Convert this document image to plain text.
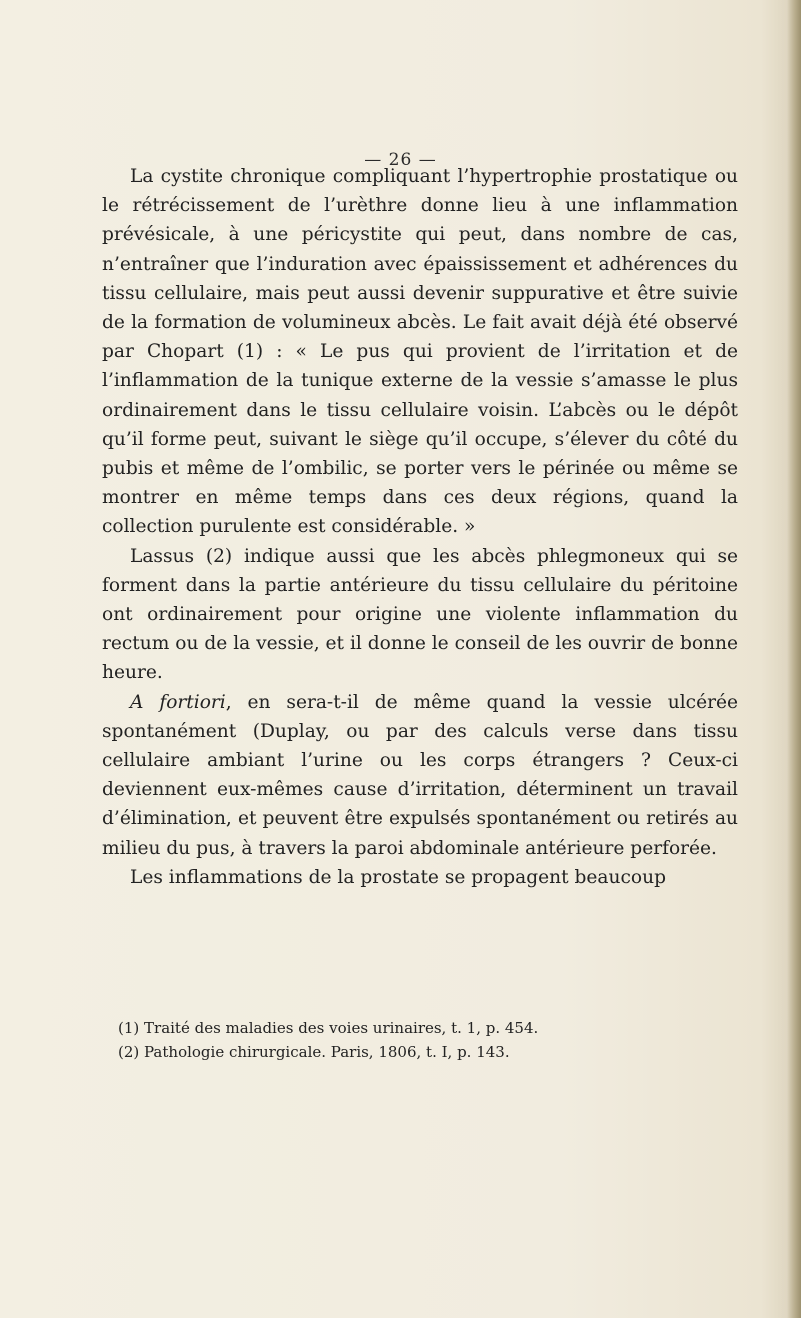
— 26 —

La cystite chronique compliquant l’hypertrophie prostatique ou le rétrécissement de l’urèthre donne lieu à une inflammation prévésicale, à une péricystite qui peut, dans nombre de cas, n’entraîner que l’induration avec épaississement et adhérences du tissu cellulaire, mais peut aussi devenir suppurative et être suivie de la formation de volumineux abcès. Le fait avait déjà été observé par Chopart (1) : « Le pus qui provient de l’irritation et de l’inflammation de la tunique externe de la vessie s’amasse le plus ordinairement dans le tissu cellulaire voisin. L’abcès ou le dépôt qu’il forme peut, suivant le siège qu’il occupe, s’élever du côté du pubis et même de l’ombilic, se porter vers le périnée ou même se montrer en même temps dans ces deux régions, quand la collection purulente est considérable. »

Lassus (2) indique aussi que les abcès phlegmoneux qui se forment dans la partie antérieure du tissu cellulaire du péritoine ont ordinairement pour origine une violente inflammation du rectum ou de la vessie, et il donne le conseil de les ouvrir de bonne heure.

A fortiori, en sera-t-il de même quand la vessie ulcérée spontanément (Duplay, ou par des calculs verse dans tissu cellulaire ambiant l’urine ou les corps étrangers ? Ceux-ci deviennent eux-mêmes cause d’irritation, déterminent un travail d’élimination, et peuvent être expulsés spontanément ou retirés au milieu du pus, à travers la paroi abdominale antérieure perforée.

Les inflammations de la prostate se propagent beaucoup

(1) Traité des maladies des voies urinaires, t. 1, p. 454.
(2) Pathologie chirurgicale. Paris, 1806, t. I, p. 143.
